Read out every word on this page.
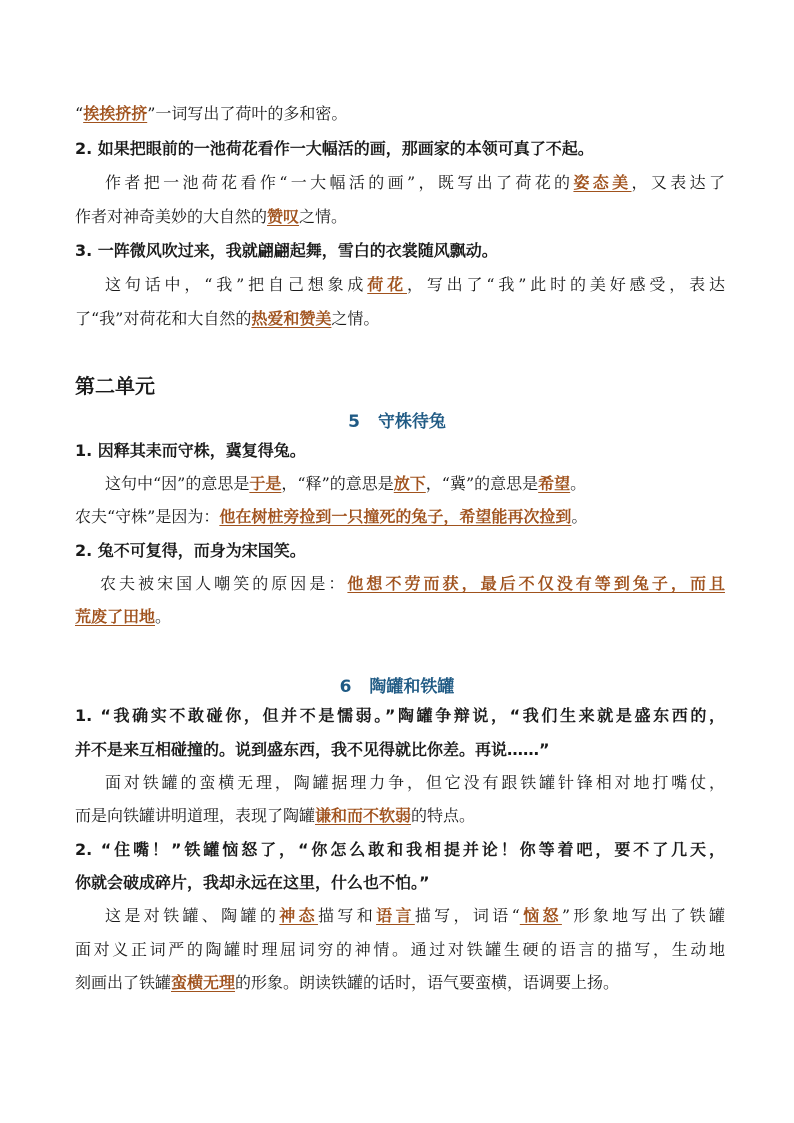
“挨挨挤挤”一词写出了荷叶的多和密。
2. 如果把眼前的一池荷花看作一大幅活的画，那画家的本领可真了不起。
作者把一池荷花看作“一大幅活的画”，既写出了荷花的姿态美，又表达了
作者对神奇美妙的大自然的赞叹之情。
3. 一阵微风吹过来，我就翩翩起舞，雪白的衣裳随风飘动。
这句话中，“我”把自己想象成荷花，写出了“我”此时的美好感受，表达
了“我”对荷花和大自然的热爱和赞美之情。
第二单元
5 守株待兔
1. 因释其耒而守株，冀复得兔。
这句中“因”的意思是于是，“释”的意思是放下，“冀”的意思是希望。
农夫“守株”是因为：他在树桩旁捡到一只撞死的兔子，希望能再次捡到。
2. 兔不可复得，而身为宋国笑。
农夫被宋国人嘲笑的原因是：他想不劳而获，最后不仅没有等到兔子，而且
荒废了田地。
6 陶罐和铁罐
1. “我确实不敢碰你，但并不是懦弱。”陶罐争辩说，“我们生来就是盛东西的，
并不是来互相碰撞的。说到盛东西，我不见得就比你差。再说……”
面对铁罐的蛮横无理，陶罐据理力争，但它没有跟铁罐针锋相对地打嘴仗，
而是向铁罐讲明道理，表现了陶罐谦和而不软弱的特点。
2. “住嘴！”铁罐恼怒了，“你怎么敢和我相提并论！你等着吧，要不了几天，
你就会破成碎片，我却永远在这里，什么也不怕。”
这是对铁罐、陶罐的神态描写和语言描写，词语“恼怒”形象地写出了铁罐
面对义正词严的陶罐时理屈词穷的神情。通过对铁罐生硬的语言的描写，生动地
刻画出了铁罐蛮横无理的形象。朗读铁罐的话时，语气要蛮横，语调要上扬。
